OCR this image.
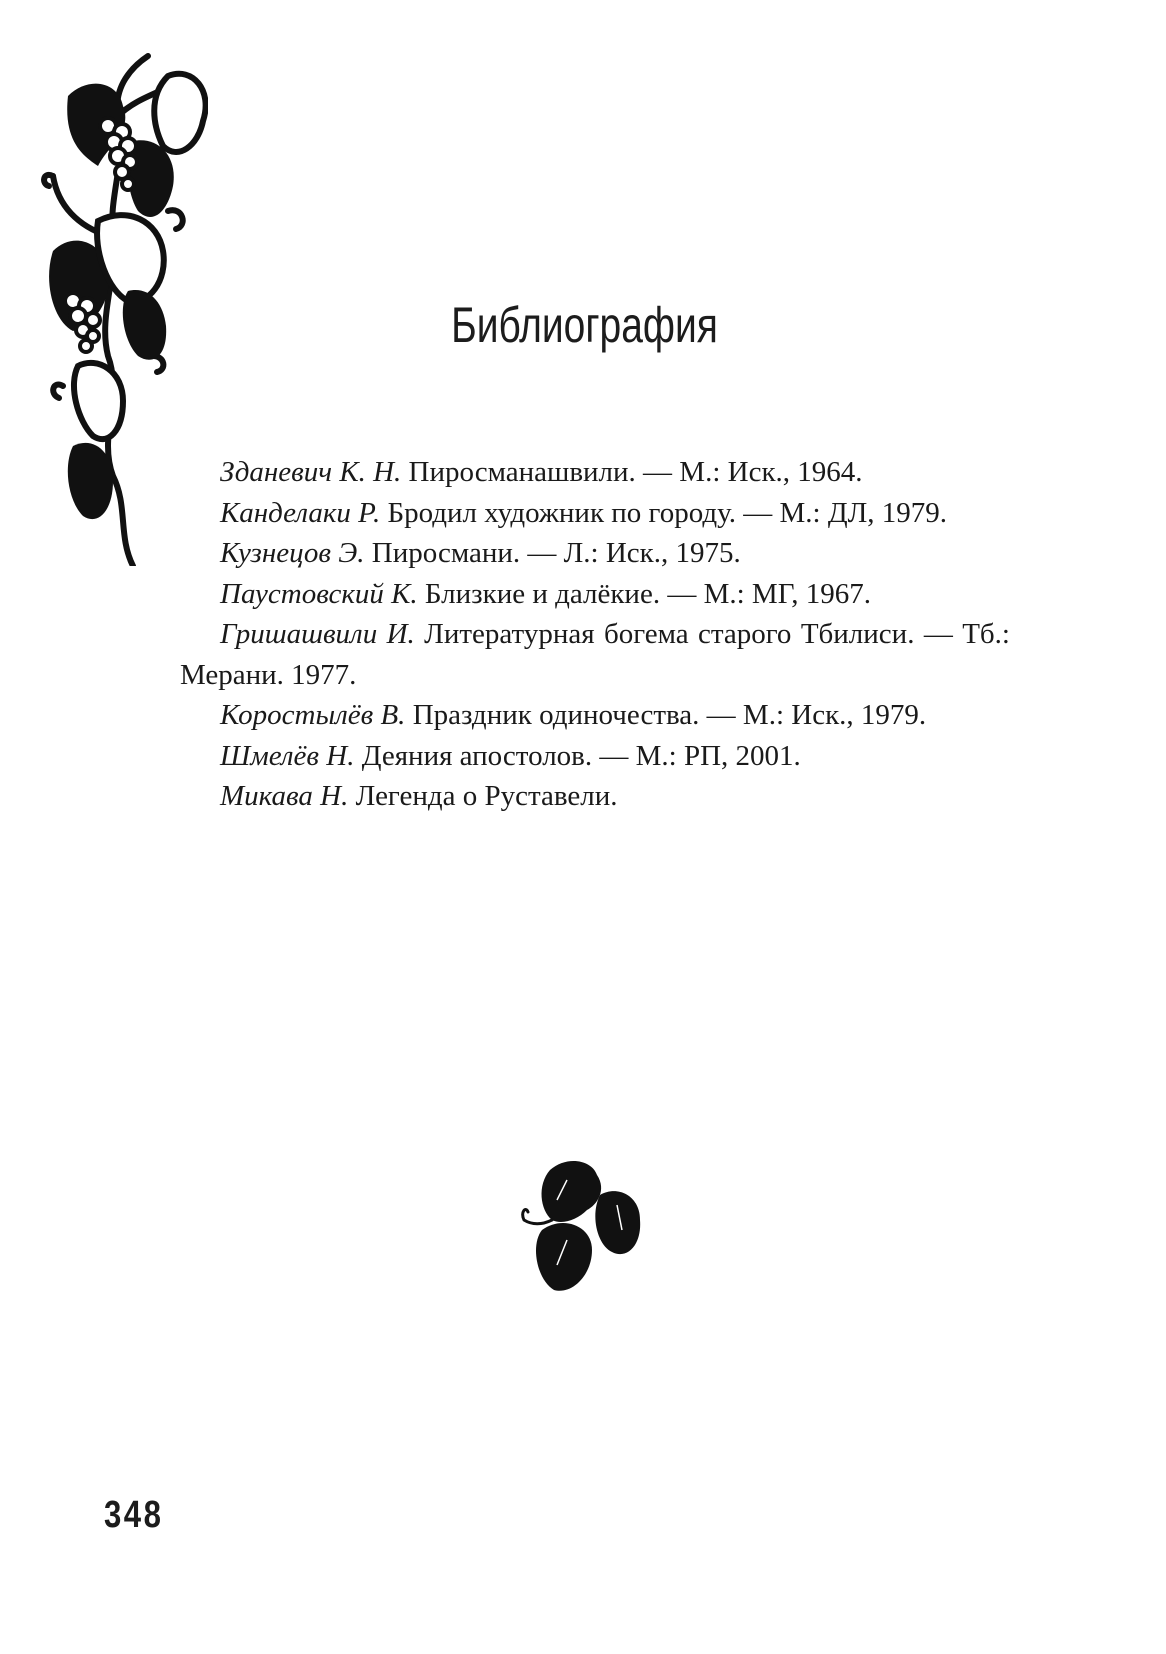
Библиография

Зданевич К. Н. Пиросманашвили. — М.: Иск., 1964.

Канделаки Р. Бродил художник по городу. — М.: ДЛ, 1979.

Кузнецов Э. Пиросмани. — Л.: Иск., 1975.

Паустовский К. Близкие и далёкие. — М.: МГ, 1967.

Гришашвили И. Литературная богема старого Тбилиси. — Тб.: Мерани. 1977.

Коростылёв В. Праздник одиночества. — М.: Иск., 1979.

Шмелёв Н. Деяния апостолов. — М.: РП, 2001.

Микава Н. Легенда о Руставели.

348
